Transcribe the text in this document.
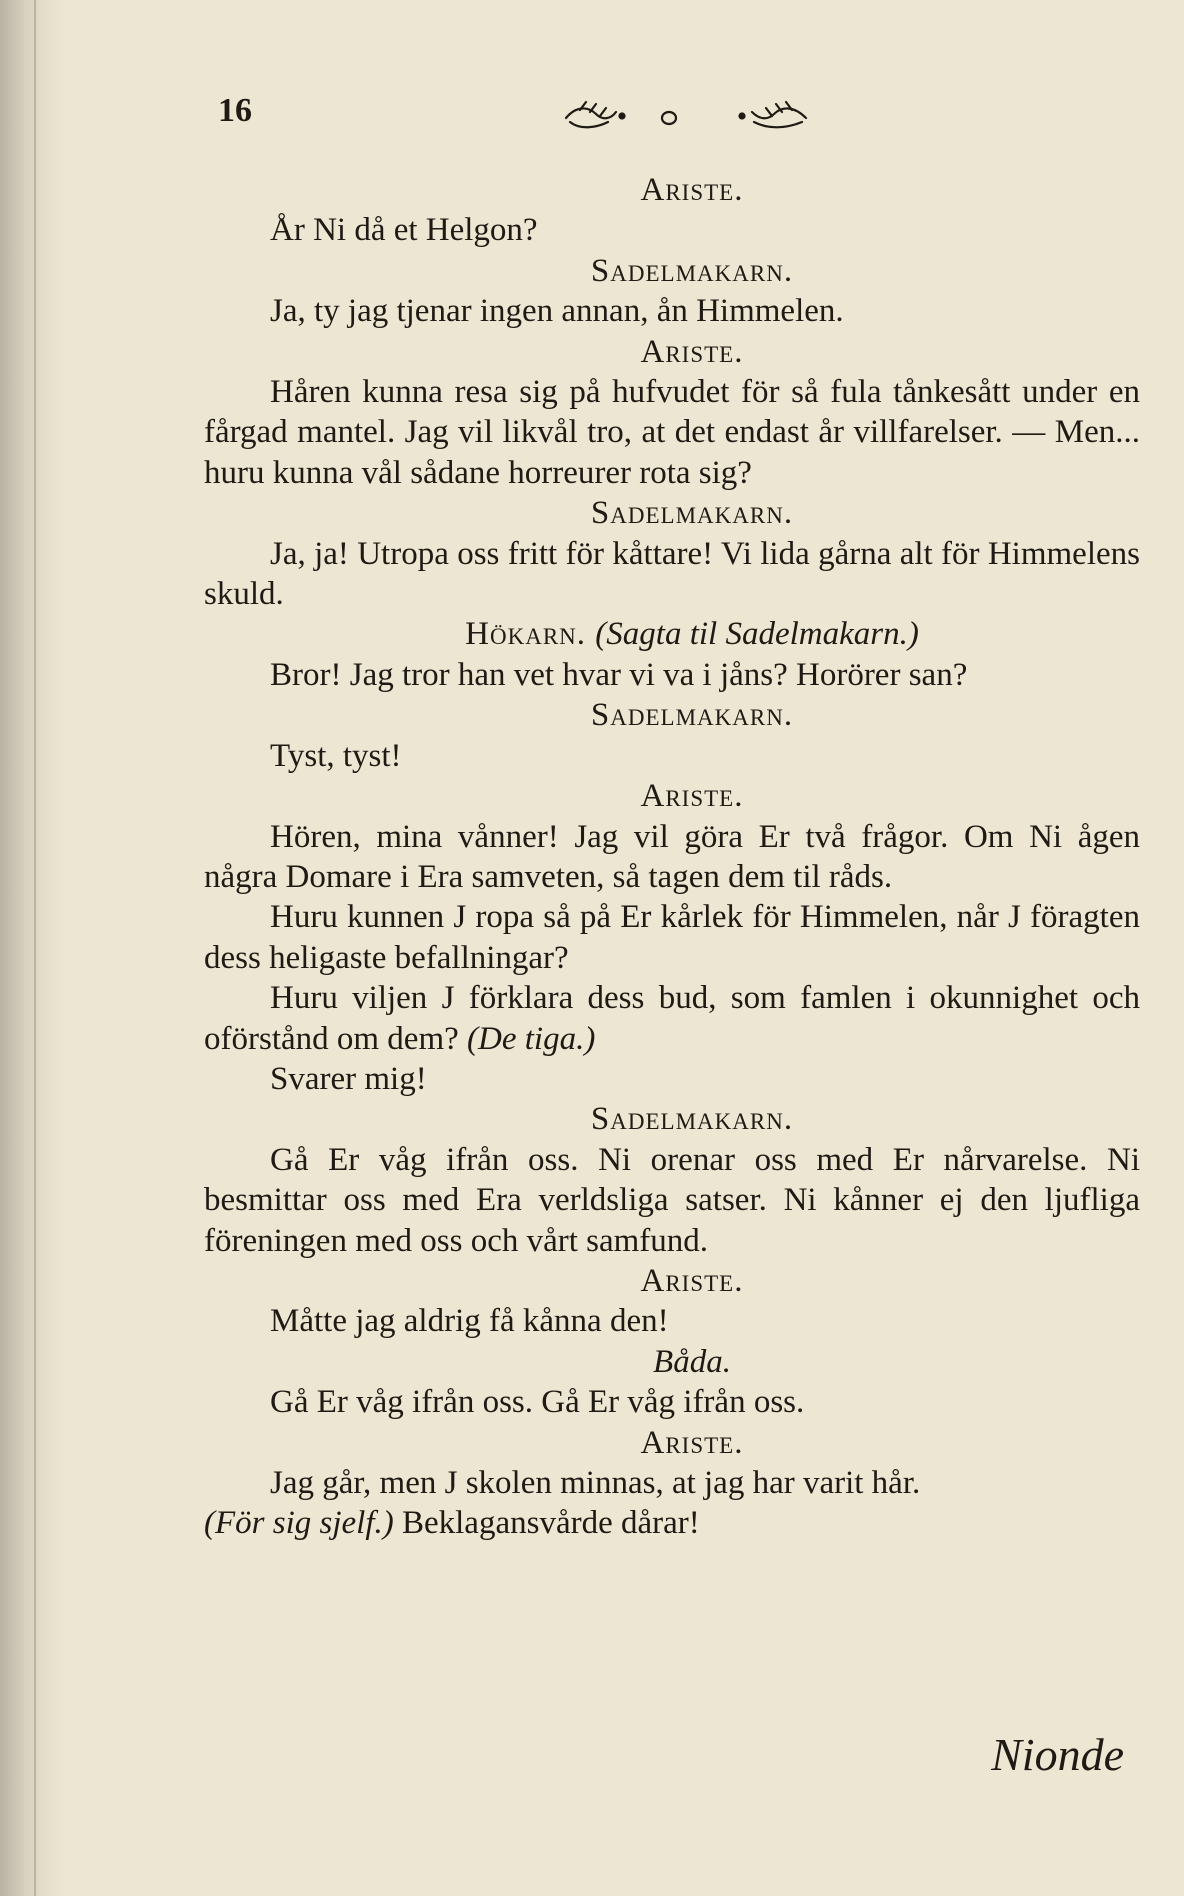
16
Ariste.

År Ni då et Helgon?

Sadelmakarn.

Ja, ty jag tjenar ingen annan, ån Himmelen.

Ariste.

Håren kunna resa sig på hufvudet för så fula tånkesått under en fårgad mantel. Jag vil likvål tro, at det endast år villfarelser. — Men... huru kunna vål sådane horreurer rota sig?

Sadelmakarn.

Ja, ja! Utropa oss fritt för kåttare! Vi lida gårna alt för Himmelens skuld.

Hökarn. (Sagta til Sadelmakarn.)

Bror! Jag tror han vet hvar vi va i jåns? Horörer san?

Sadelmakarn.

Tyst, tyst!

Ariste.

Hören, mina vånner! Jag vil göra Er två frågor. Om Ni ågen några Domare i Era samveten, så tagen dem til råds.

Huru kunnen J ropa så på Er kårlek för Himmelen, når J föragten dess heligaste befallningar?

Huru viljen J förklara dess bud, som famlen i okunnighet och oförstånd om dem? (De tiga.)

Svarer mig!

Sadelmakarn.

Gå Er våg ifrån oss. Ni orenar oss med Er nårvarelse. Ni besmittar oss med Era verldsliga satser. Ni kånner ej den ljufliga föreningen med oss och vårt samfund.

Ariste.

Måtte jag aldrig få kånna den!

Båda.

Gå Er våg ifrån oss. Gå Er våg ifrån oss.

Ariste.

Jag går, men J skolen minnas, at jag har varit hår.

(För sig sjelf.) Beklagansvårde dårar!

Nionde
